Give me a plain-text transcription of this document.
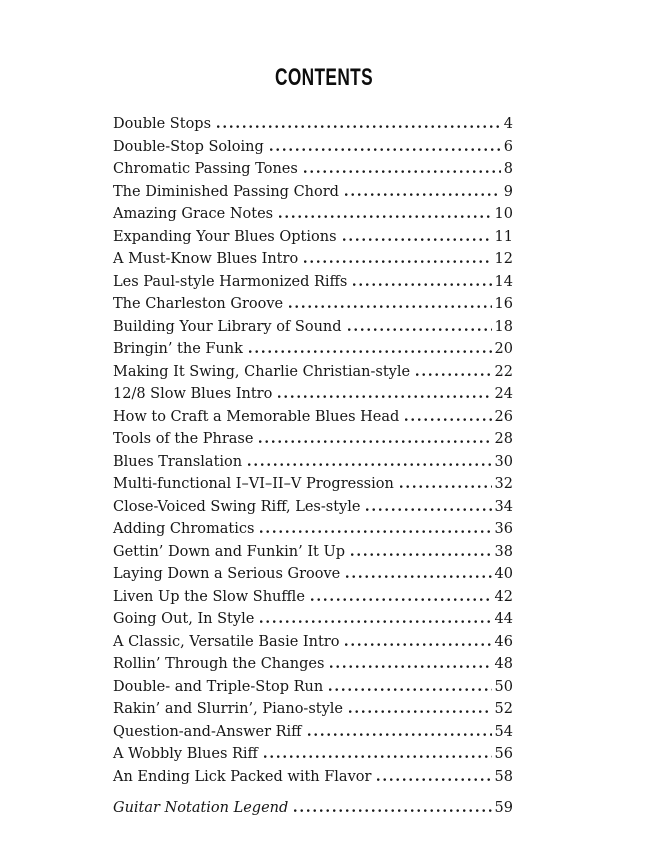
CONTENTS
Double Stops	4
Double-Stop Soloing	6
Chromatic Passing Tones	8
The Diminished Passing Chord	9
Amazing Grace Notes	10
Expanding Your Blues Options	11
A Must-Know Blues Intro	12
Les Paul-style Harmonized Riffs	14
The Charleston Groove	16
Building Your Library of Sound	18
Bringin’ the Funk	20
Making It Swing, Charlie Christian-style	22
12/8 Slow Blues Intro	24
How to Craft a Memorable Blues Head	26
Tools of the Phrase	28
Blues Translation	30
Multi-functional I–VI–II–V Progression	32
Close-Voiced Swing Riff, Les-style	34
Adding Chromatics	36
Gettin’ Down and Funkin’ It Up	38
Laying Down a Serious Groove	40
Liven Up the Slow Shuffle	42
Going Out, In Style	44
A Classic, Versatile Basie Intro	46
Rollin’ Through the Changes	48
Double- and Triple-Stop Run	50
Rakin’ and Slurrin’, Piano-style	52
Question-and-Answer Riff	54
A Wobbly Blues Riff	56
An Ending Lick Packed with Flavor	58
Guitar Notation Legend	59
